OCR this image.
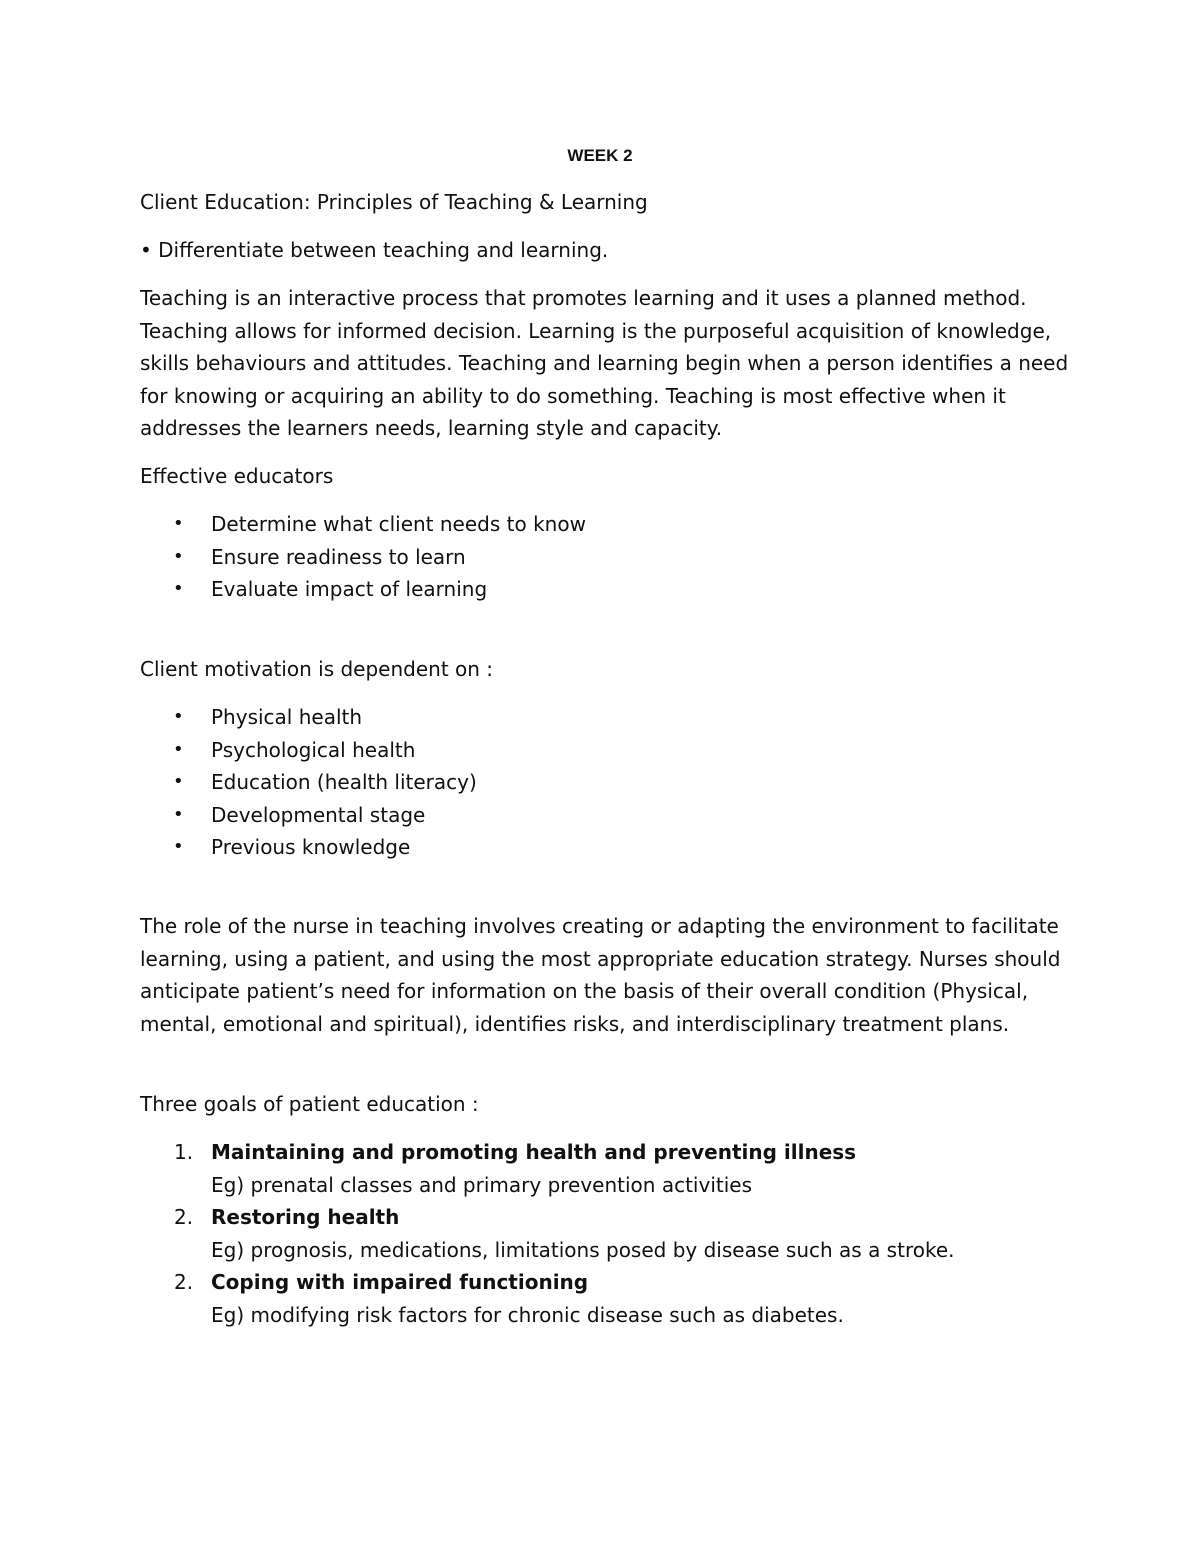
WEEK 2
Client Education: Principles of Teaching & Learning
• Differentiate between teaching and learning.
Teaching is an interactive process that promotes learning and it uses a planned method. Teaching allows for informed decision. Learning is the purposeful acquisition of knowledge, skills behaviours and attitudes. Teaching and learning begin when a person identifies a need for knowing or acquiring an ability to do something. Teaching is most effective when it addresses the learners needs, learning style and capacity.
Effective educators
• Determine what client needs to know
• Ensure readiness to learn
• Evaluate impact of learning
Client motivation is dependent on :
• Physical health
• Psychological health
• Education (health literacy)
• Developmental stage
• Previous knowledge
The role of the nurse in teaching involves creating or adapting the environment to facilitate learning, using a patient, and using the most appropriate education strategy. Nurses should anticipate patient’s need for information on the basis of their overall condition (Physical, mental, emotional and spiritual), identifies risks, and interdisciplinary treatment plans.
Three goals of patient education :
1. Maintaining and promoting health and preventing illness
Eg) prenatal classes and primary prevention activities
2. Restoring health
Eg) prognosis, medications, limitations posed by disease such as a stroke.
2. Coping with impaired functioning
Eg) modifying risk factors for chronic disease such as diabetes.
